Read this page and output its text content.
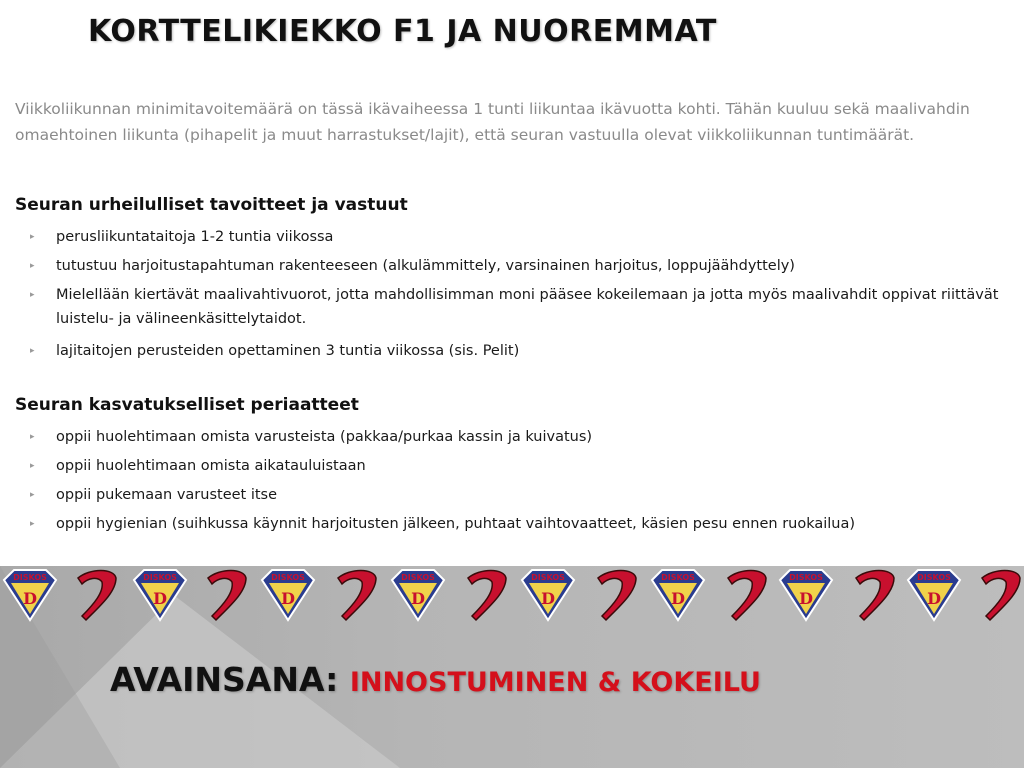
KORTTELIKIEKKO F1 JA NUOREMMAT

Viikkoliikunnan minimitavoitemäärä on tässä ikävaiheessa 1 tunti liikuntaa ikävuotta kohti. Tähän kuuluu sekä maalivahdin omaehtoinen liikunta (pihapelit ja muut harrastukset/lajit), että seuran vastuulla olevat viikkoliikunnan tuntimäärät.

Seuran urheilulliset tavoitteet ja vastuut
▸ perusliikuntataitoja 1-2 tuntia viikossa
▸ tutustuu harjoitustapahtuman rakenteeseen (alkulämmittely, varsinainen harjoitus, loppujäähdyttely)
▸ Mielellään kiertävät maalivahtivuorot, jotta mahdollisimman moni pääsee kokeilemaan ja jotta myös maalivahdit oppivat riittävät luistelu- ja välineenkäsittelytaidot.
▸ lajitaitojen perusteiden opettaminen 3 tuntia viikossa (sis. Pelit)
Seuran kasvatukselliset periaatteet
▸ oppii huolehtimaan omista varusteista (pakkaa/purkaa kassin ja kuivatus)
▸ oppii huolehtimaan omista aikatauluistaan
▸ oppii pukemaan varusteet itse
▸ oppii hygienian (suihkussa käynnit harjoitusten jälkeen, puhtaat vaihtovaatteet, käsien pesu ennen ruokailua)
DISKOS
D
DISKOS
D
DISKOS
D
DISKOS
D
DISKOS
D
DISKOS
D
DISKOS
D
DISKOS
D
AVAINSANA: INNOSTUMINEN & KOKEILU
